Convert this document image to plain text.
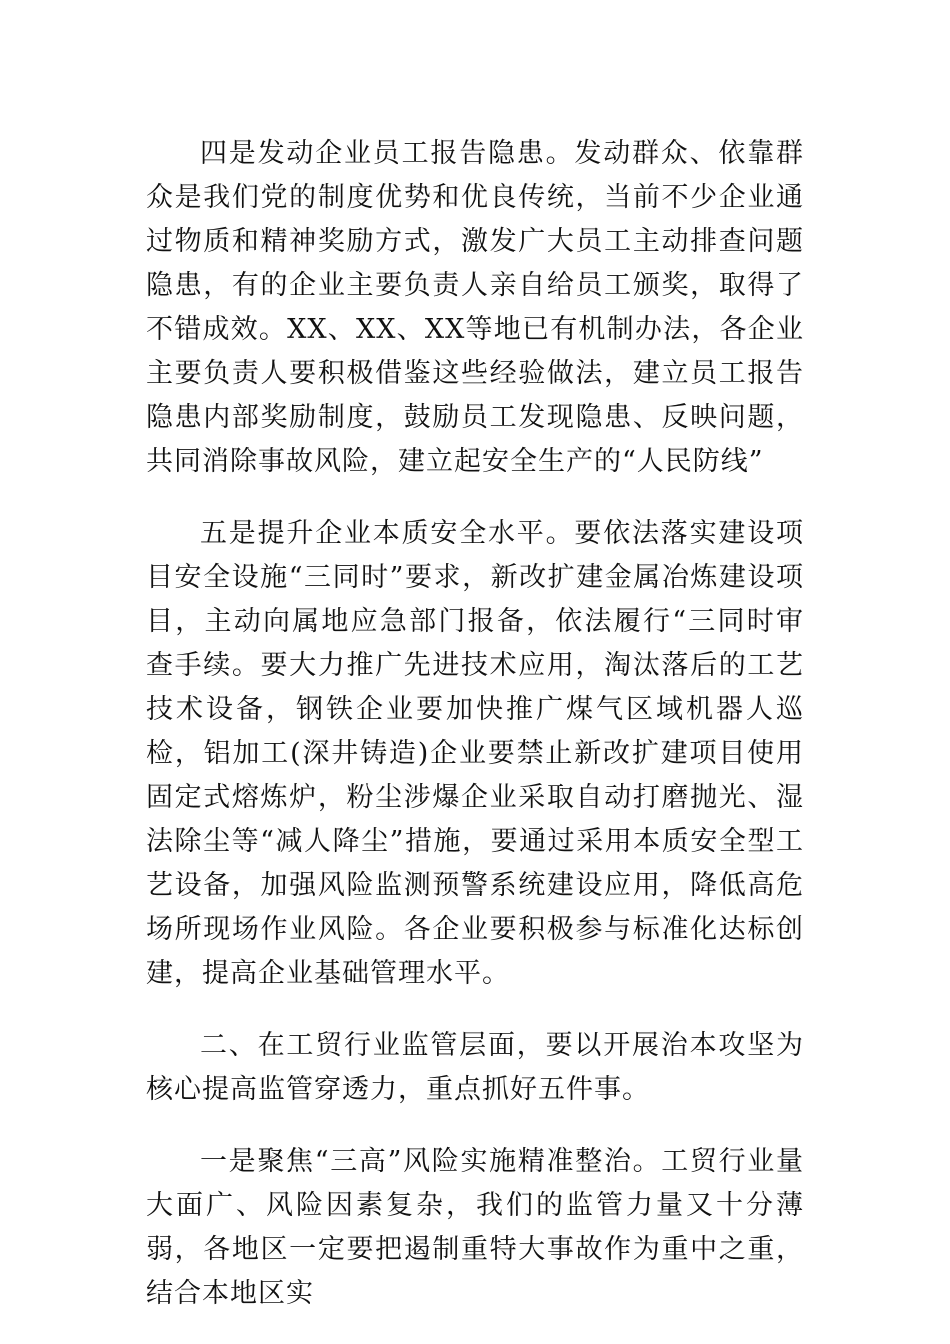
四是发动企业员工报告隐患。发动群众、依靠群众是我们党的制度优势和优良传统，当前不少企业通过物质和精神奖励方式，激发广大员工主动排查问题隐患，有的企业主要负责人亲自给员工颁奖，取得了不错成效。XX、XX、XX等地已有机制办法，各企业主要负责人要积极借鉴这些经验做法，建立员工报告隐患内部奖励制度，鼓励员工发现隐患、反映问题，共同消除事故风险，建立起安全生产的“人民防线”

五是提升企业本质安全水平。要依法落实建设项目安全设施“三同时”要求，新改扩建金属冶炼建设项目，主动向属地应急部门报备，依法履行“三同时审查手续。要大力推广先进技术应用，淘汰落后的工艺技术设备，钢铁企业要加快推广煤气区域机器人巡检，铝加工(深井铸造)企业要禁止新改扩建项目使用固定式熔炼炉，粉尘涉爆企业采取自动打磨抛光、湿法除尘等“减人降尘”措施，要通过采用本质安全型工艺设备，加强风险监测预警系统建设应用，降低高危场所现场作业风险。各企业要积极参与标准化达标创建，提高企业基础管理水平。

二、在工贸行业监管层面，要以开展治本攻坚为核心提高监管穿透力，重点抓好五件事。

一是聚焦“三高”风险实施精准整治。工贸行业量大面广、风险因素复杂，我们的监管力量又十分薄弱，各地区一定要把遏制重特大事故作为重中之重，结合本地区实
